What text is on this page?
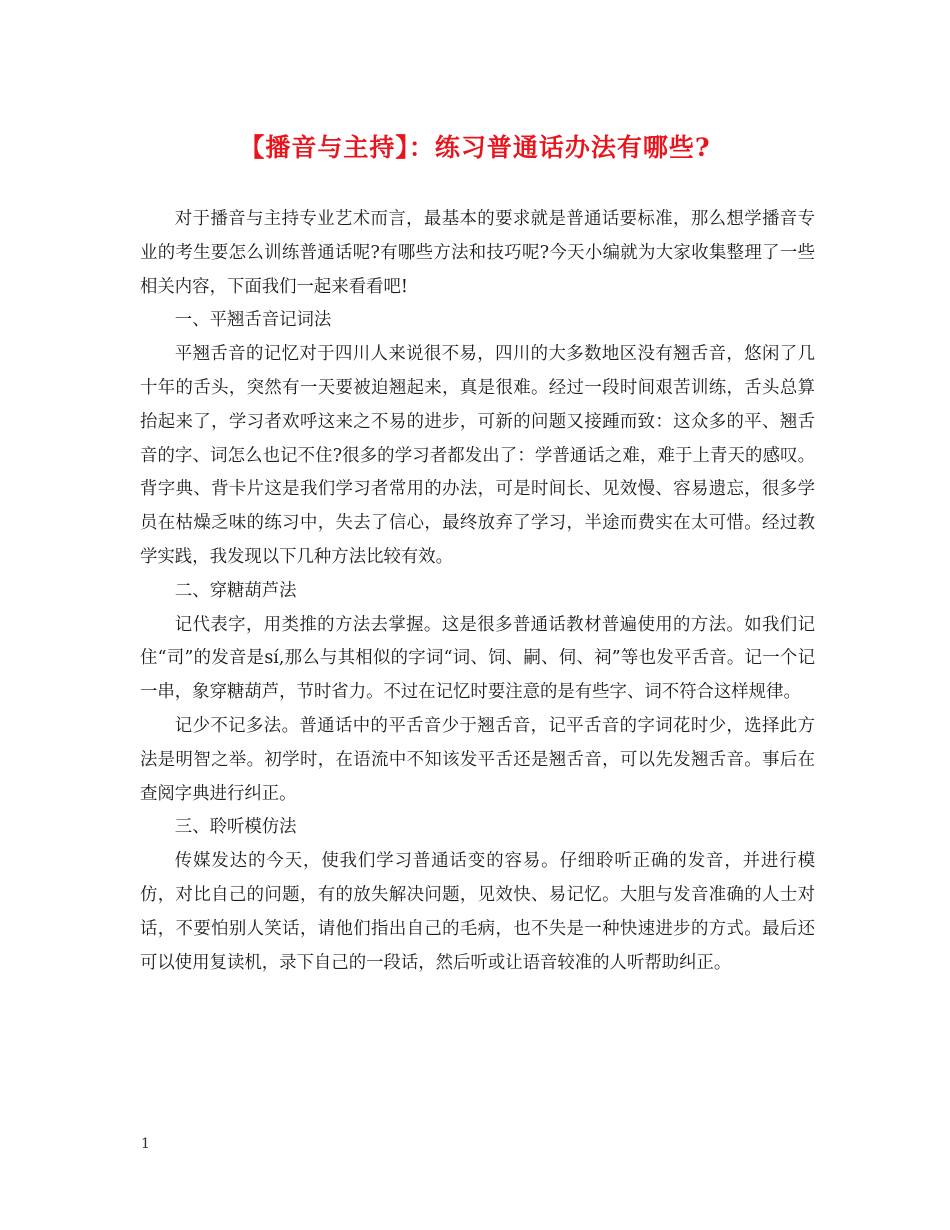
【播音与主持】：练习普通话办法有哪些?

对于播音与主持专业艺术而言，最基本的要求就是普通话要标准，那么想学播音专业的考生要怎么训练普通话呢?有哪些方法和技巧呢?今天小编就为大家收集整理了一些相关内容，下面我们一起来看看吧!

一、平翘舌音记词法

平翘舌音的记忆对于四川人来说很不易，四川的大多数地区没有翘舌音，悠闲了几十年的舌头，突然有一天要被迫翘起来，真是很难。经过一段时间艰苦训练，舌头总算抬起来了，学习者欢呼这来之不易的进步，可新的问题又接踵而致：这众多的平、翘舌音的字、词怎么也记不住?很多的学习者都发出了：学普通话之难，难于上青天的感叹。背字典、背卡片这是我们学习者常用的办法，可是时间长、见效慢、容易遗忘，很多学员在枯燥乏味的练习中，失去了信心，最终放弃了学习，半途而费实在太可惜。经过教学实践，我发现以下几种方法比较有效。

二、穿糖葫芦法

记代表字，用类推的方法去掌握。这是很多普通话教材普遍使用的方法。如我们记住“司”的发音是sí,那么与其相似的字词“词、饲、嗣、伺、祠”等也发平舌音。记一个记一串，象穿糖葫芦，节时省力。不过在记忆时要注意的是有些字、词不符合这样规律。

记少不记多法。普通话中的平舌音少于翘舌音，记平舌音的字词花时少，选择此方法是明智之举。初学时，在语流中不知该发平舌还是翘舌音，可以先发翘舌音。事后在查阅字典进行纠正。

三、聆听模仿法

传媒发达的今天，使我们学习普通话变的容易。仔细聆听正确的发音，并进行模仿，对比自己的问题，有的放失解决问题，见效快、易记忆。大胆与发音准确的人士对话，不要怕别人笑话，请他们指出自己的毛病，也不失是一种快速进步的方式。最后还可以使用复读机，录下自己的一段话，然后听或让语音较准的人听帮助纠正。

1
